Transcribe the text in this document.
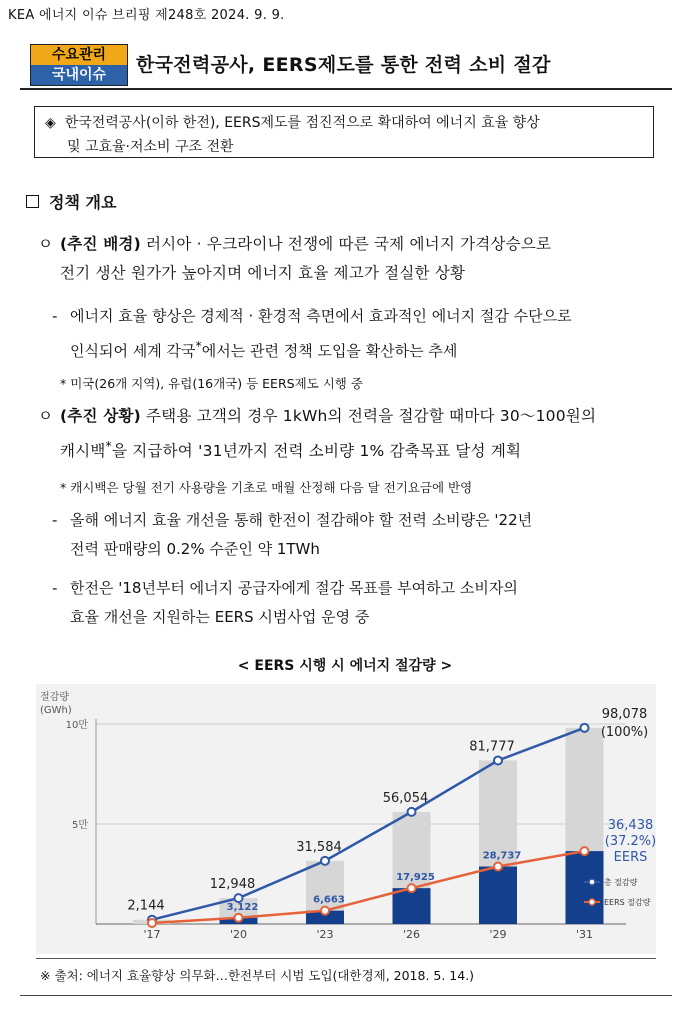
KEA 에너지 이슈 브리핑 제248호 2024. 9. 9.
수요관리
국내이슈	한국전력공사, EERS제도를 통한 전력 소비 절감
◈ 한국전력공사(이하 한전), EERS제도를 점진적으로 확대하여 에너지 효율 향상
및 고효율·저소비 구조 전환
정책 개요
ㅇ (추진 배경) 러시아 · 우크라이나 전쟁에 따른 국제 에너지 가격상승으로
전기 생산 원가가 높아지며 에너지 효율 제고가 절실한 상황
- 에너지 효율 향상은 경제적 · 환경적 측면에서 효과적인 에너지 절감 수단으로
인식되어 세계 각국*에서는 관련 정책 도입을 확산하는 추세
* 미국(26개 지역), 유럽(16개국) 등 EERS제도 시행 중
ㅇ (추진 상황) 주택용 고객의 경우 1kWh의 전력을 절감할 때마다 30～100원의
캐시백*을 지급하여 '31년까지 전력 소비량 1% 감축목표 달성 계획
* 캐시백은 당월 전기 사용량을 기초로 매월 산정해 다음 달 전기요금에 반영
- 올해 에너지 효율 개선을 통해 한전이 절감해야 할 전력 소비량은 '22년
전력 판매량의 0.2% 수준인 약 1TWh
- 한전은 '18년부터 에너지 공급자에게 절감 목표를 부여하고 소비자의
효율 개선을 지원하는 EERS 시범사업 운영 중
< EERS 시행 시 에너지 절감량 >
절감량
(GWh)
10만
5만
2,144
12,948
31,584
56,054
81,777
98,078
(100%)
3,122
6,663
17,925
28,737
36,438
(37.2%)
EERS
'17	'20	'23	'26	'29	'31
총 절감량
EERS 절감량
※ 출처: 에너지 효율향상 의무화…한전부터 시범 도입(대한경제, 2018. 5. 14.)
